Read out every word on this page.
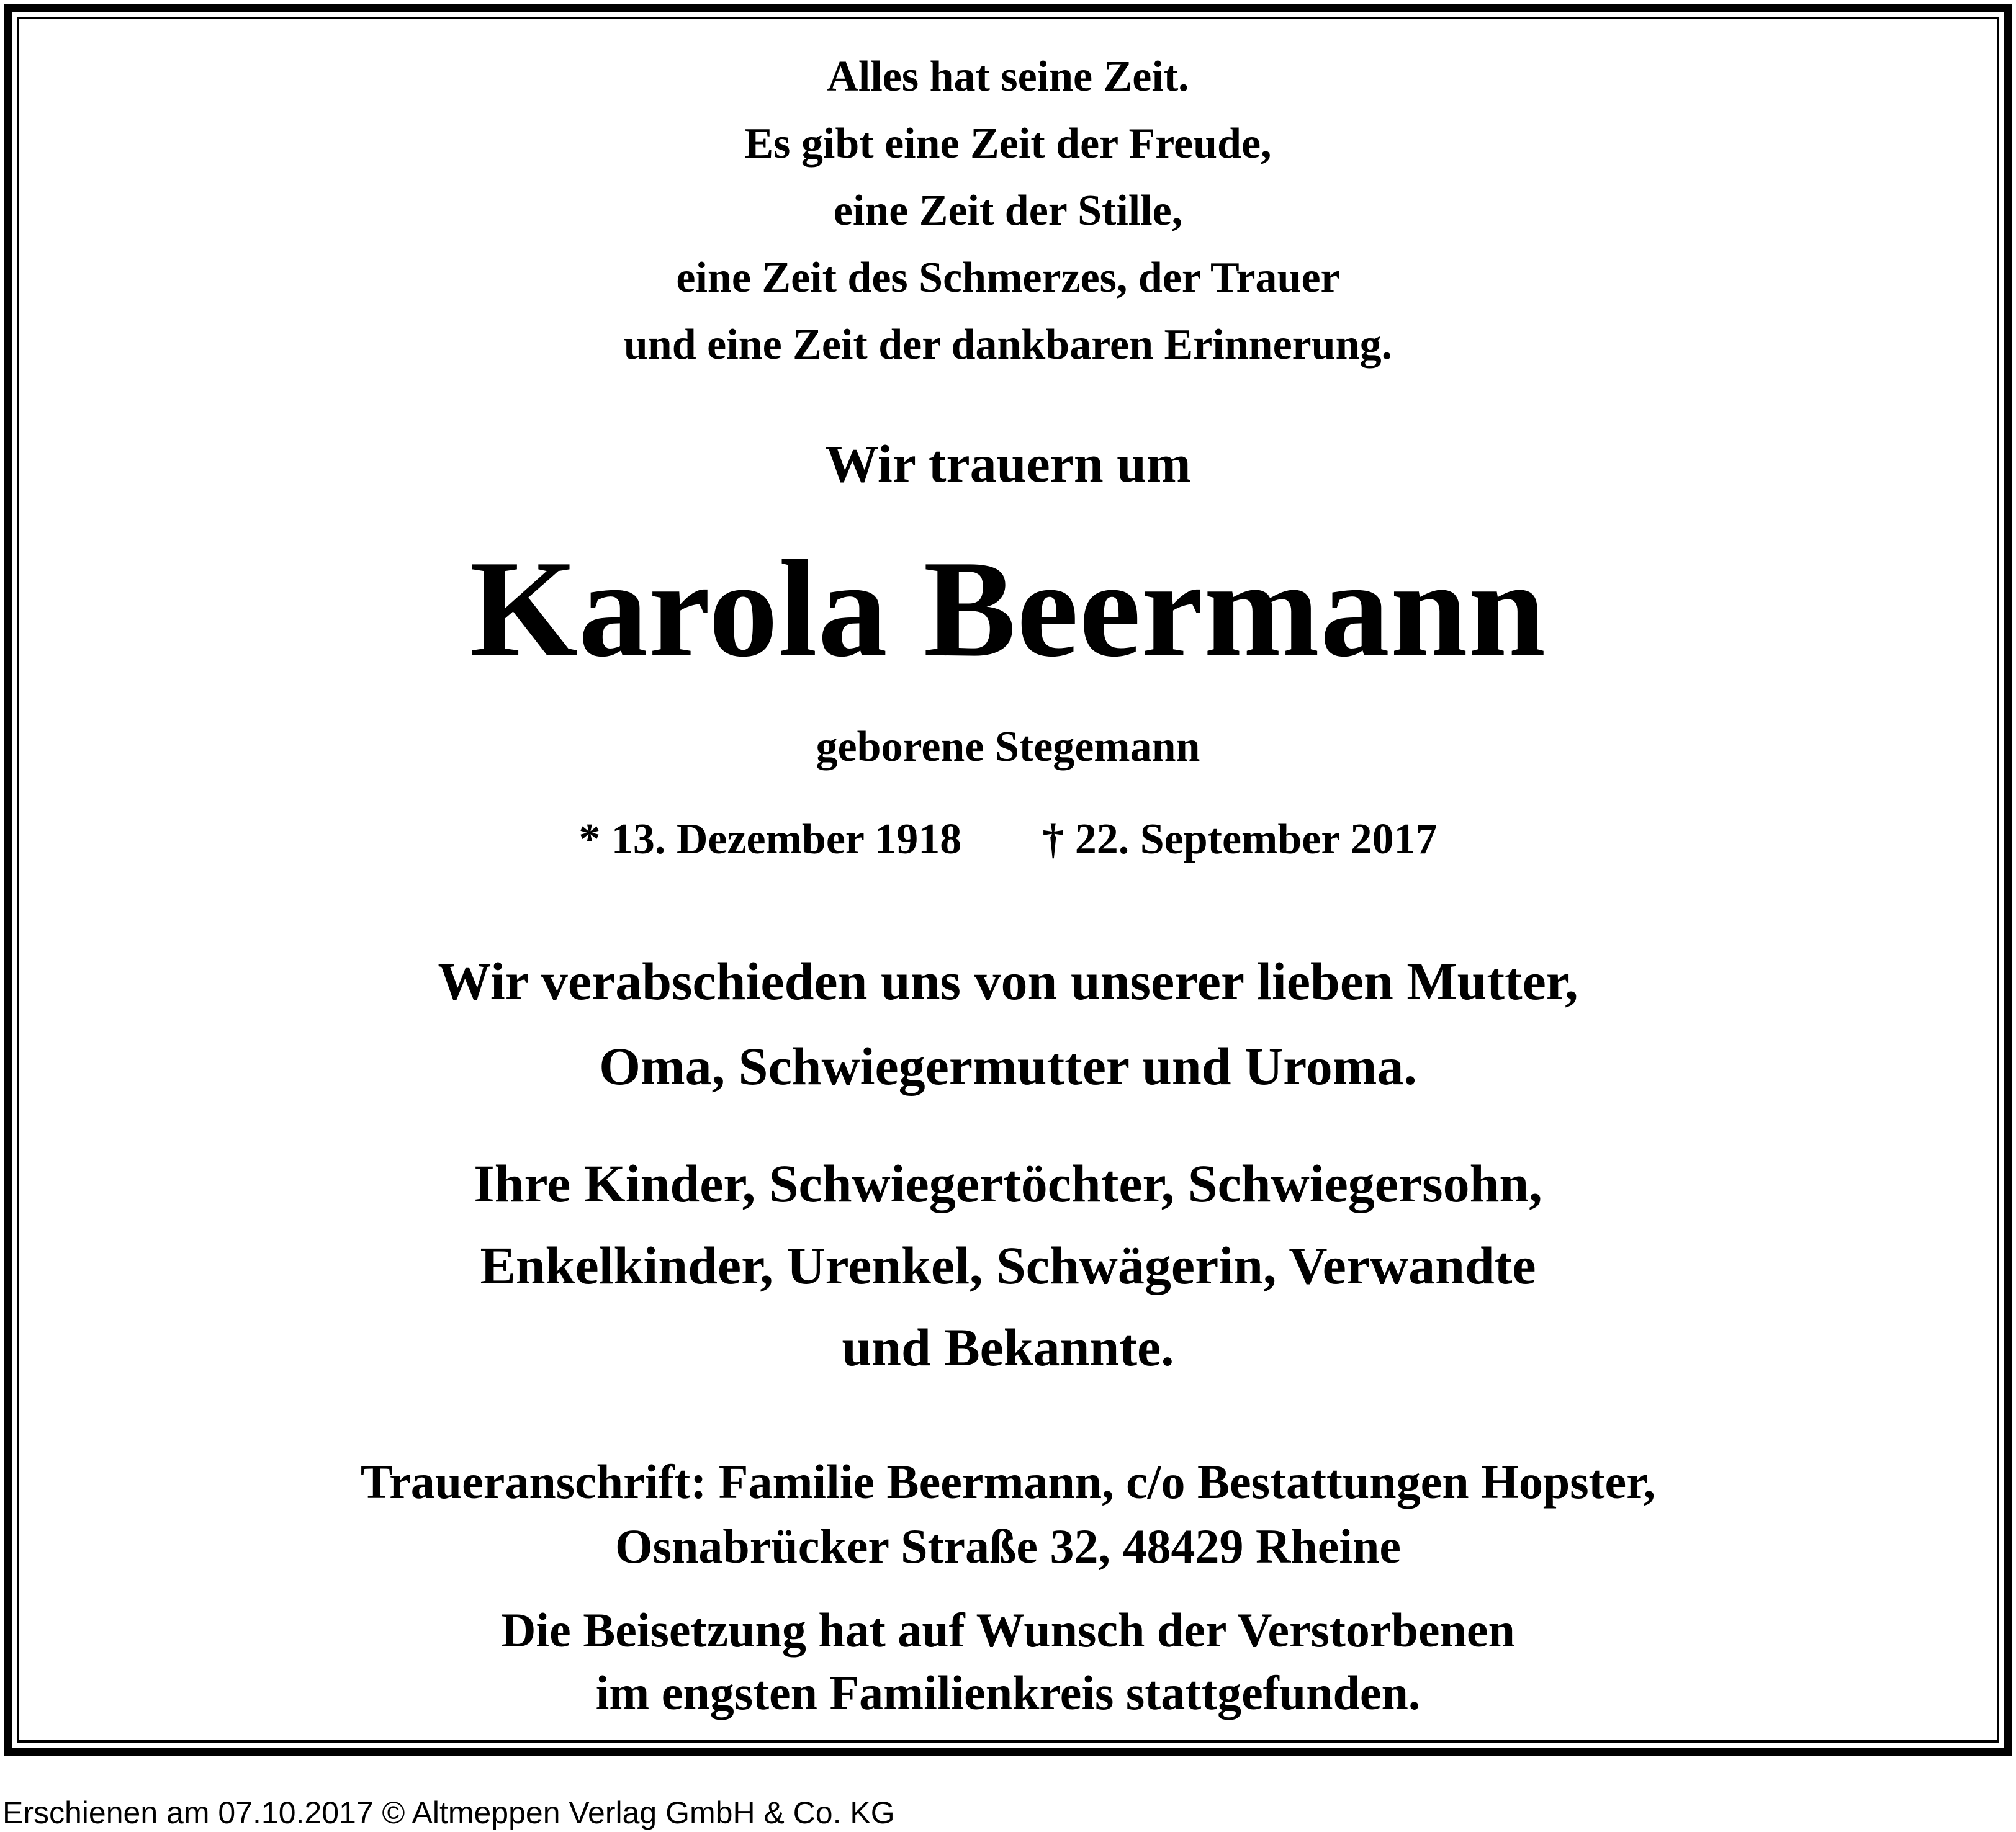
Alles hat seine Zeit.
Es gibt eine Zeit der Freude,
eine Zeit der Stille,
eine Zeit des Schmerzes, der Trauer
und eine Zeit der dankbaren Erinnerung.
Wir trauern um
Karola Beermann
geborene Stegemann
* 13. Dezember 1918 † 22. September 2017
Wir verabschieden uns von unserer lieben Mutter,
Oma, Schwiegermutter und Uroma.
Ihre Kinder, Schwiegertöchter, Schwiegersohn,
Enkelkinder, Urenkel, Schwägerin, Verwandte
und Bekannte.
Traueranschrift: Familie Beermann, c/o Bestattungen Hopster,
Osnabrücker Straße 32, 48429 Rheine
Die Beisetzung hat auf Wunsch der Verstorbenen
im engsten Familienkreis stattgefunden.
Erschienen am 07.10.2017 © Altmeppen Verlag GmbH & Co. KG
